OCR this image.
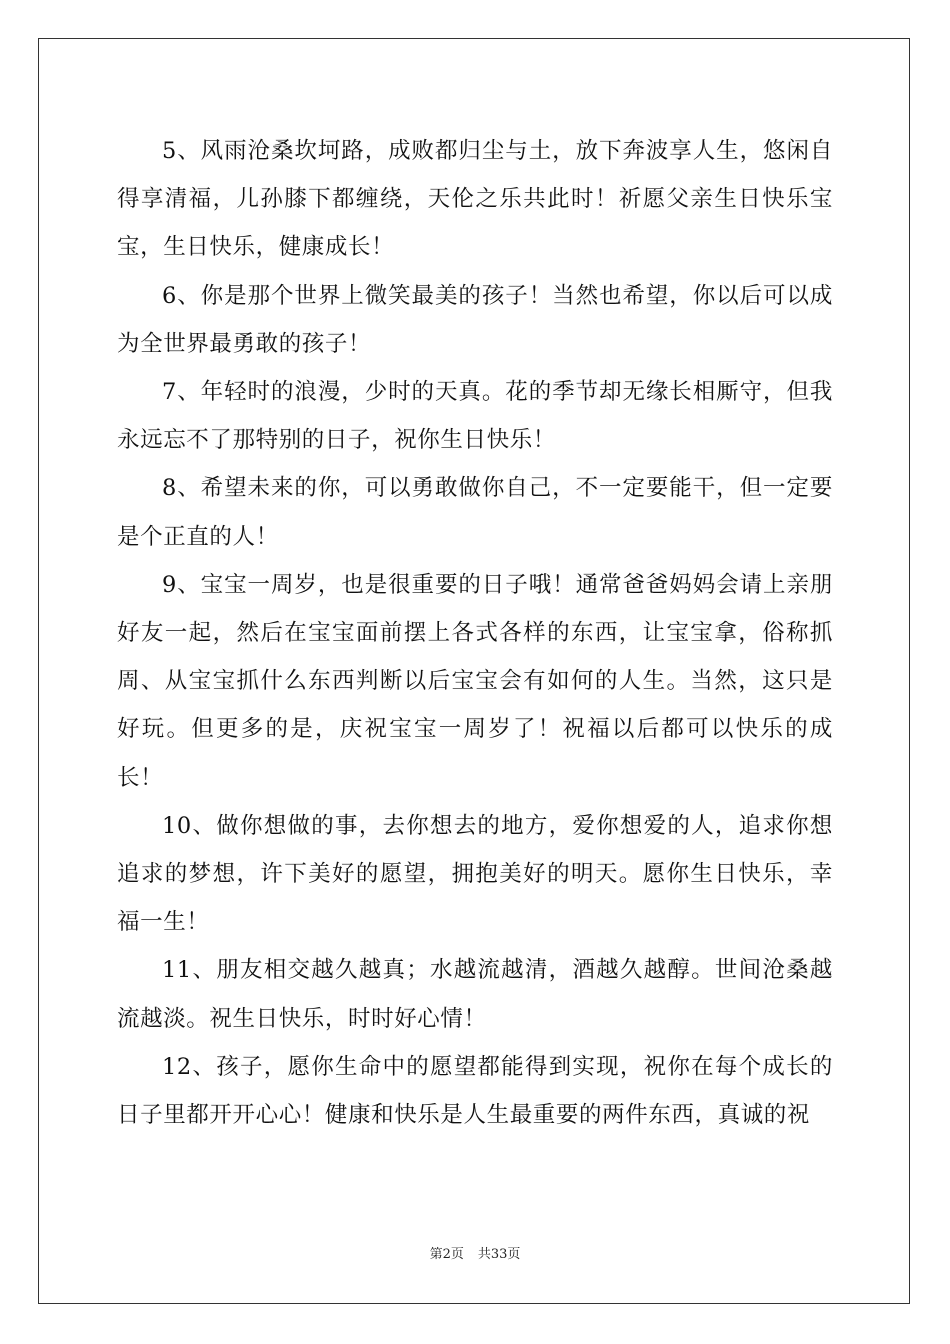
5、风雨沧桑坎坷路，成败都归尘与土，放下奔波享人生，悠闲自得享清福，儿孙膝下都缠绕，天伦之乐共此时！祈愿父亲生日快乐宝宝，生日快乐，健康成长！

6、你是那个世界上微笑最美的孩子！当然也希望，你以后可以成为全世界最勇敢的孩子！

7、年轻时的浪漫，少时的天真。花的季节却无缘长相厮守，但我永远忘不了那特别的日子，祝你生日快乐！

8、希望未来的你，可以勇敢做你自己，不一定要能干，但一定要是个正直的人！

9、宝宝一周岁，也是很重要的日子哦！通常爸爸妈妈会请上亲朋好友一起，然后在宝宝面前摆上各式各样的东西，让宝宝拿，俗称抓周、从宝宝抓什么东西判断以后宝宝会有如何的人生。当然，这只是好玩。但更多的是，庆祝宝宝一周岁了！祝福以后都可以快乐的成长！

10、做你想做的事，去你想去的地方，爱你想爱的人，追求你想追求的梦想，许下美好的愿望，拥抱美好的明天。愿你生日快乐，幸福一生！

11、朋友相交越久越真；水越流越清，酒越久越醇。世间沧桑越流越淡。祝生日快乐，时时好心情！

12、孩子，愿你生命中的愿望都能得到实现，祝你在每个成长的日子里都开开心心！健康和快乐是人生最重要的两件东西，真诚的祝

第2页 共33页
